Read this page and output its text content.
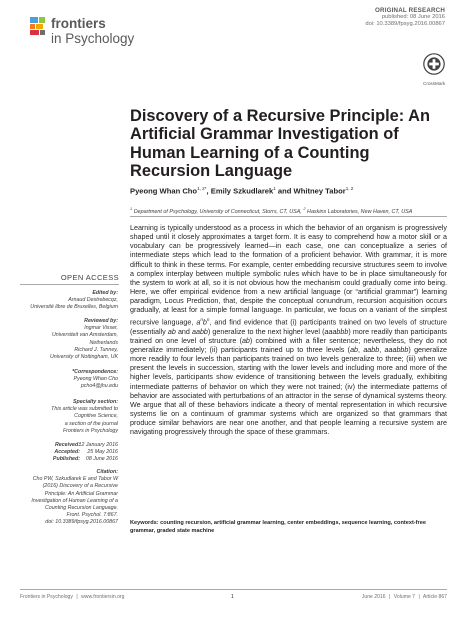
frontiers
in Psychology
ORIGINAL RESEARCH
published: 08 June 2016
doi: 10.3389/fpsyg.2016.00867
CrossMark
Discovery of a Recursive Principle: An Artificial Grammar Investigation of Human Learning of a Counting Recursion Language
Pyeong Whan Cho$^{1, 2*}$, Emily Szkudlarek$^1$ and Whitney Tabor$^{1, 2}$
$^1$ Department of Psychology, University of Connecticut, Storrs, CT, USA, $^2$ Haskins Laboratories, New Haven, CT, USA
Learning is typically understood as a process in which the behavior of an organism is progressively shaped until it closely approximates a target form. It is easy to comprehend how a motor skill or a vocabulary can be progressively learned—in each case, one can conceptualize a series of intermediate steps which lead to the formation of a proficient behavior. With grammar, it is more difficult to think in these terms. For example, center embedding recursive structures seem to involve a complex interplay between multiple symbolic rules which have to be in place simultaneously for the system to work at all, so it is not obvious how the mechanism could gradually come into being. Here, we offer empirical evidence from a new artificial language (or “artificial grammar”) learning paradigm, Locus Prediction, that, despite the conceptual conundrum, recursion acquisition occurs gradually, at least for a simple formal language. In particular, we focus on a variant of the simplest recursive language, $a^nb^n$, and find evidence that (i) participants trained on two levels of structure (essentially ab and aabb) generalize to the next higher level (aaabbb) more readily than participants trained on one level of structure (ab) combined with a filler sentence; nevertheless, they do not generalize immediately; (ii) participants trained up to three levels (ab, aabb, aaabbb) generalize more readily to four levels than participants trained on two levels generalize to three; (iii) when we present the levels in succession, starting with the lower levels and including more and more of the higher levels, participants show evidence of transitioning between the levels gradually, exhibiting intermediate patterns of behavior on which they were not trained; (iv) the intermediate patterns of behavior are associated with perturbations of an attractor in the sense of dynamical systems theory. We argue that all of these behaviors indicate a theory of mental representation in which recursive systems lie on a continuum of grammar systems which are organized so that grammars that produce similar behaviors are near one another, and that people learning a recursive system are navigating progressively through the space of these grammars.
Keywords: counting recursion, artificial grammar learning, center embeddings, sequence learning, context-free grammar, graded state machine
OPEN ACCESS
Edited by:
Arnaud Destrebecqz,
Université libre de Bruxelles, Belgium
Reviewed by:
Ingmar Visser,
Universiteit van Amsterdam,
Netherlands
Richard J. Tunney,
University of Nottingham, UK
*Correspondence:
Pyeong Whan Cho
pcho4@jhu.edu
Specialty section:
This article was submitted to
Cognitive Science,
a section of the journal
Frontiers in Psychology
Received:
12 January 2016
Accepted: 25 May 2016
Published: 08 June 2016
Citation:
Cho PW, Szkudlarek E and Tabor W
(2016) Discovery of a Recursive
Principle: An Artificial Grammar
Investigation of Human Learning of a
Counting Recursion Language.
Front. Psychol. 7:867.
doi: 10.3389/fpsyg.2016.00867
Frontiers in Psychology | www.frontiersin.org	1	June 2016 | Volume 7 | Article 867
